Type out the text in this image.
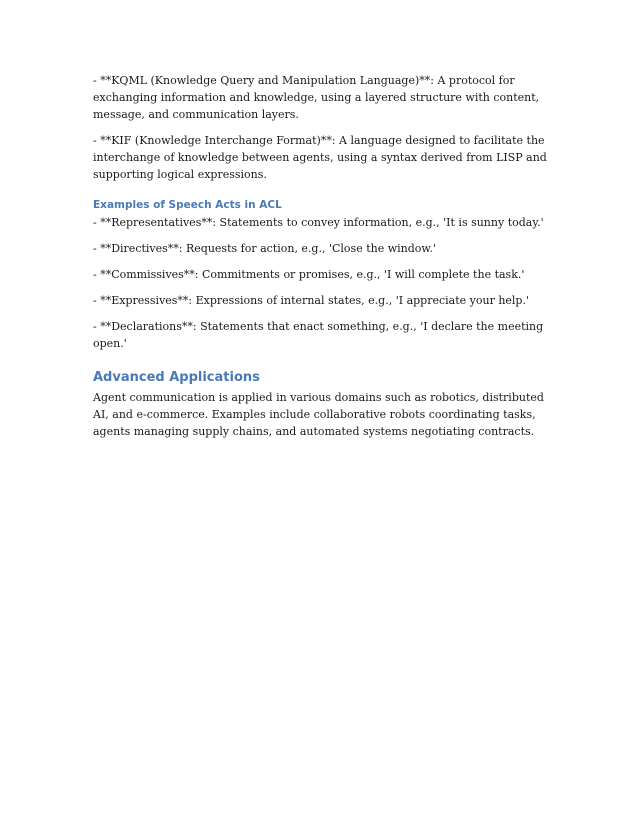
- **KQML (Knowledge Query and Manipulation Language)**: A protocol for exchanging information and knowledge, using a layered structure with content, message, and communication layers.

- **KIF (Knowledge Interchange Format)**: A language designed to facilitate the interchange of knowledge between agents, using a syntax derived from LISP and supporting logical expressions.

Examples of Speech Acts in ACL

- **Representatives**: Statements to convey information, e.g., 'It is sunny today.'

- **Directives**: Requests for action, e.g., 'Close the window.'

- **Commissives**: Commitments or promises, e.g., 'I will complete the task.'

- **Expressives**: Expressions of internal states, e.g., 'I appreciate your help.'

- **Declarations**: Statements that enact something, e.g., 'I declare the meeting open.'

Advanced Applications

Agent communication is applied in various domains such as robotics, distributed AI, and e-commerce. Examples include collaborative robots coordinating tasks, agents managing supply chains, and automated systems negotiating contracts.
